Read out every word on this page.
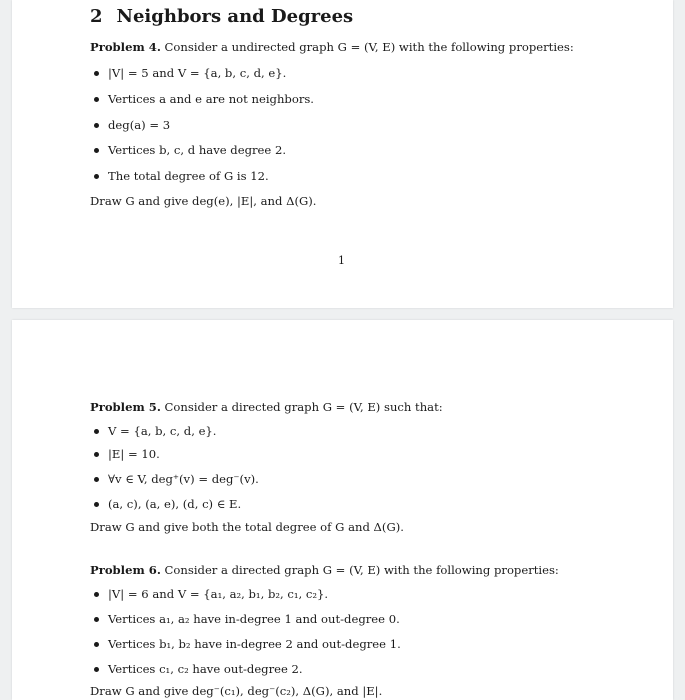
2 Neighbors and Degrees

Problem 4. Consider a undirected graph G = (V, E) with the following properties:

|V| = 5 and V = {a, b, c, d, e}.

Vertices a and e are not neighbors.

deg(a) = 3

Vertices b, c, d have degree 2.

The total degree of G is 12.

Draw G and give deg(e), |E|, and Δ(G).

1

Problem 5. Consider a directed graph G = (V, E) such that:

V = {a, b, c, d, e}.

|E| = 10.

∀v ∈ V, deg⁺(v) = deg⁻(v).

(a, c), (a, e), (d, c) ∈ E.

Draw G and give both the total degree of G and Δ(G).

Problem 6. Consider a directed graph G = (V, E) with the following properties:

|V| = 6 and V = {a₁, a₂, b₁, b₂, c₁, c₂}.

Vertices a₁, a₂ have in-degree 1 and out-degree 0.

Vertices b₁, b₂ have in-degree 2 and out-degree 1.

Vertices c₁, c₂ have out-degree 2.

Draw G and give deg⁻(c₁), deg⁻(c₂), Δ(G), and |E|.
